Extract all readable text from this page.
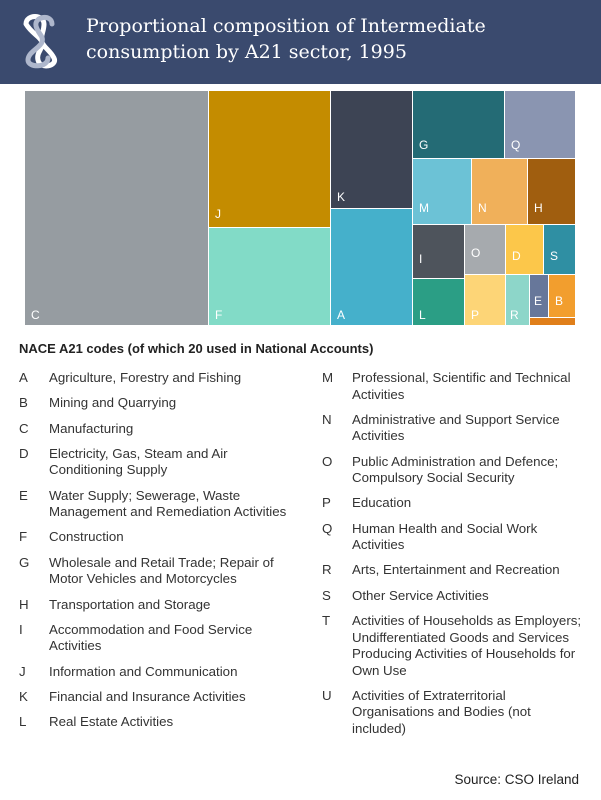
Proportional composition of Intermediate consumption by A21 sector, 1995
C
J
F
K
A
G	Q
M	N	H
I
L
O
P
D S
R
E B
NACE A21 codes (of which 20 used in National Accounts)
A Agriculture, Forestry and Fishing
B Mining and Quarrying
C Manufacturing
D Electricity, Gas, Steam and Air Conditioning Supply
E Water Supply; Sewerage, Waste Management and Remediation Activities
F Construction
G Wholesale and Retail Trade; Repair of Motor Vehicles and Motorcycles
H Transportation and Storage
I Accommodation and Food Service Activities
J Information and Communication
K Financial and Insurance Activities
L Real Estate Activities
M Professional, Scientific and Technical Activities
N Administrative and Support Service Activities
O Public Administration and Defence; Compulsory Social Security
P Education
Q Human Health and Social Work Activities
R Arts, Entertainment and Recreation
S Other Service Activities
T Activities of Households as Employers; Undifferentiated Goods and Services Producing Activities of Households for Own Use
U Activities of Extraterritorial Organisations and Bodies (not included)
Source: CSO Ireland
